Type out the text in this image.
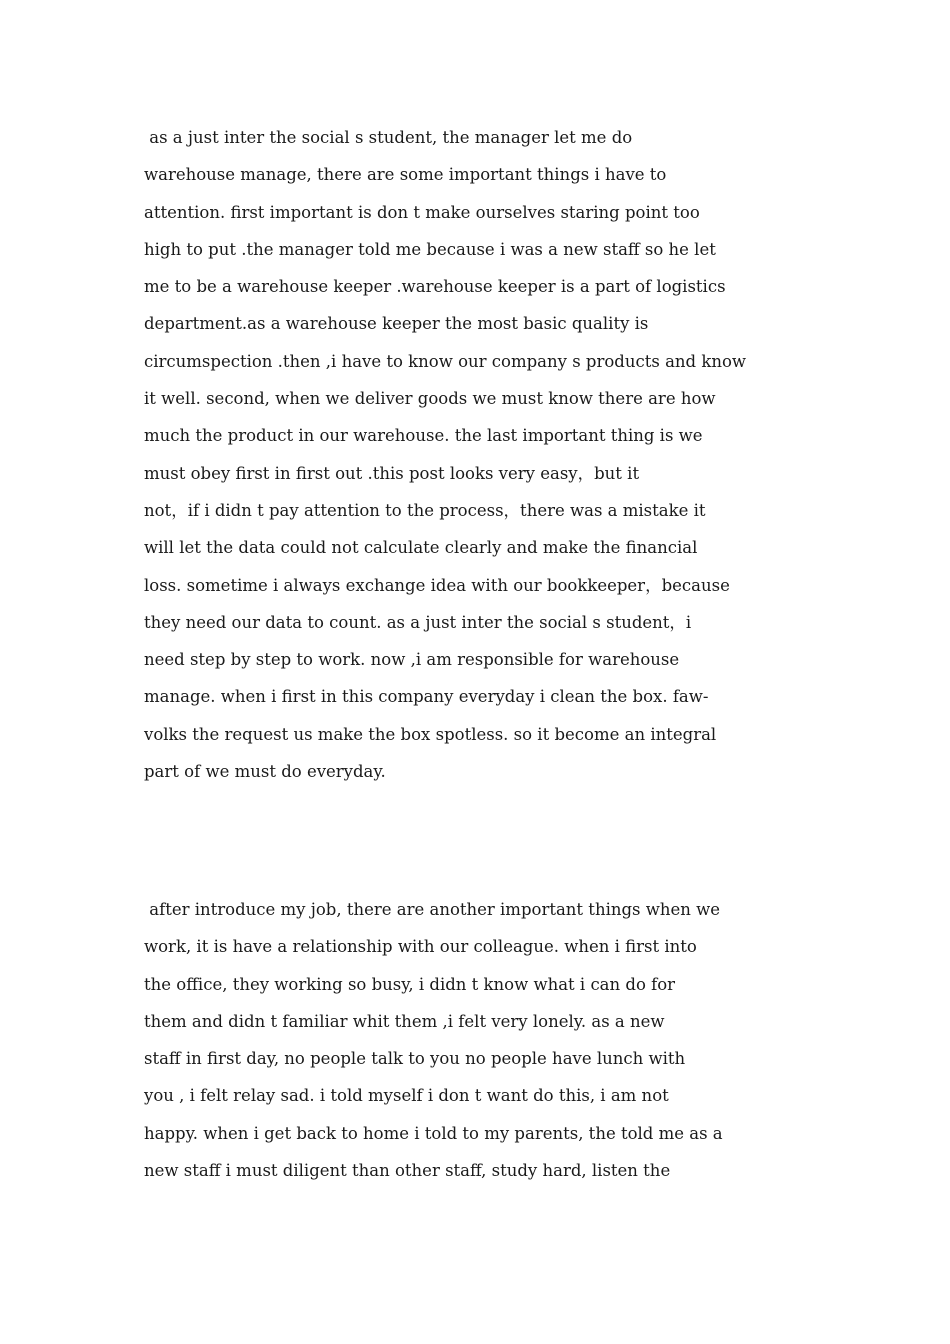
as a just inter the social s student, the manager let me do
warehouse manage, there are some important things i have to
attention. first important is don t make ourselves staring point too
high to put .the manager told me because i was a new staff so he let
me to be a warehouse keeper .warehouse keeper is a part of logistics
department.as a warehouse keeper the most basic quality is
circumspection .then ,i have to know our company s products and know
it well. second, when we deliver goods we must know there are how
much the product in our warehouse. the last important thing is we
must obey first in first out .this post looks very easy，but it
not，if i didn t pay attention to the process，there was a mistake it
will let the data could not calculate clearly and make the financial
loss. sometime i always exchange idea with our bookkeeper，because
they need our data to count. as a just inter the social s student，i
need step by step to work. now ,i am responsible for warehouse
manage. when i first in this company everyday i clean the box. faw-
volks the request us make the box spotless. so it become an integral
part of we must do everyday.
after introduce my job, there are another important things when we
work, it is have a relationship with our colleague. when i first into
the office, they working so busy, i didn t know what i can do for
them and didn t familiar whit them ,i felt very lonely. as a new
staff in first day, no people talk to you no people have lunch with
you , i felt relay sad. i told myself i don t want do this, i am not
happy. when i get back to home i told to my parents, the told me as a
new staff i must diligent than other staff, study hard, listen the
